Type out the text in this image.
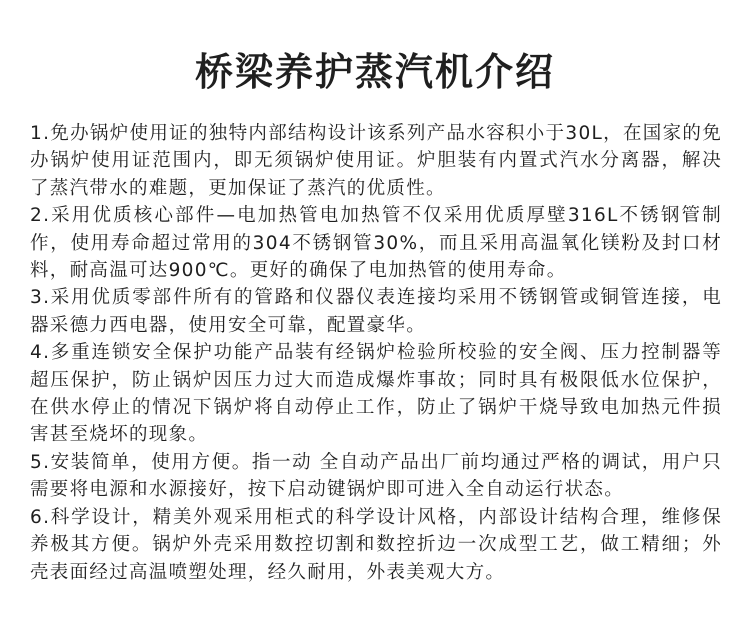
桥梁养护蒸汽机介绍

1.免办锅炉使用证的独特内部结构设计该系列产品水容积小于30L，在国家的免办锅炉使用证范围内，即无须锅炉使用证。炉胆装有内置式汽水分离器，解决了蒸汽带水的难题，更加保证了蒸汽的优质性。

2.采用优质核心部件—电加热管电加热管不仅采用优质厚壁316L不锈钢管制作，使用寿命超过常用的304不锈钢管30%，而且采用高温氧化镁粉及封口材料，耐高温可达900℃。更好的确保了电加热管的使用寿命。

3.采用优质零部件所有的管路和仪器仪表连接均采用不锈钢管或铜管连接，电器采德力西电器，使用安全可靠，配置豪华。

4.多重连锁安全保护功能产品装有经锅炉检验所校验的安全阀、压力控制器等超压保护，防止锅炉因压力过大而造成爆炸事故；同时具有极限低水位保护，在供水停止的情况下锅炉将自动停止工作，防止了锅炉干烧导致电加热元件损害甚至烧坏的现象。

5.安装简单，使用方便。指一动 全自动产品出厂前均通过严格的调试，用户只需要将电源和水源接好，按下启动键锅炉即可进入全自动运行状态。

6.科学设计，精美外观采用柜式的科学设计风格，内部设计结构合理，维修保养极其方便。锅炉外壳采用数控切割和数控折边一次成型工艺，做工精细；外壳表面经过高温喷塑处理，经久耐用，外表美观大方。
